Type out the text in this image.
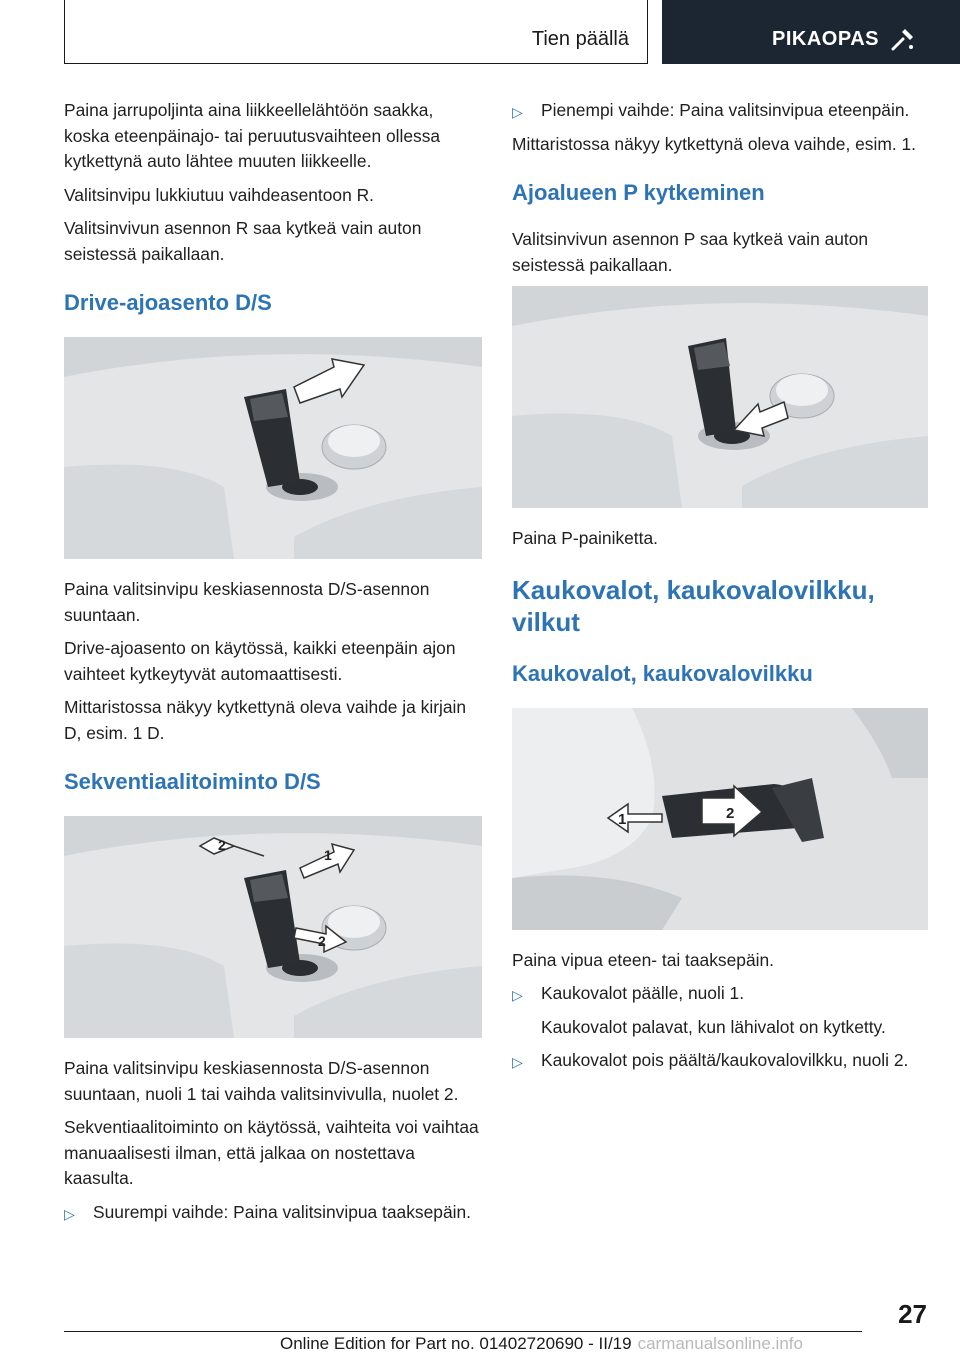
Tien päällä	PIKAOPAS

Paina jarrupoljinta aina liikkeellelähtöön saakka, koska eteenpäinajo- tai peruutusvaihteen ollessa kytkettynä auto lähtee muuten liikkeelle.

Valitsinvipu lukkiutuu vaihdeasentoon R.

Valitsinvivun asennon R saa kytkeä vain auton seistessä paikallaan.

Drive-ajoasento D/S

Paina valitsinvipu keskiasennosta D/S-asennon suuntaan.

Drive-ajoasento on käytössä, kaikki eteenpäin ajon vaihteet kytkeytyvät automaattisesti.

Mittaristossa näkyy kytkettynä oleva vaihde ja kirjain D, esim. 1 D.

Sekventiaalitoiminto D/S
2
1
2

Paina valitsinvipu keskiasennosta D/S-asennon suuntaan, nuoli 1 tai vaihda valitsinvivulla, nuolet 2.

Sekventiaalitoiminto on käytössä, vaihteita voi vaihtaa manuaalisesti ilman, että jalkaa on nostettava kaasulta.

▷ Suurempi vaihde: Paina valitsinvipua taaksepäin.

▷ Pienempi vaihde: Paina valitsinvipua eteenpäin.

Mittaristossa näkyy kytkettynä oleva vaihde, esim. 1.

Ajoalueen P kytkeminen

Valitsinvivun asennon P saa kytkeä vain auton seistessä paikallaan.

Paina P-painiketta.

Kaukovalot, kaukovalovilkku, vilkut
Kaukovalot, kaukovalovilkku
1	2

Paina vipua eteen- tai taaksepäin.

▷ Kaukovalot päälle, nuoli 1.

Kaukovalot palavat, kun lähivalot on kytketty.

▷ Kaukovalot pois päältä/kaukovalovilkku, nuoli 2.

27
Online Edition for Part no. 01402720690 - II/19 carmanualsonline.info
